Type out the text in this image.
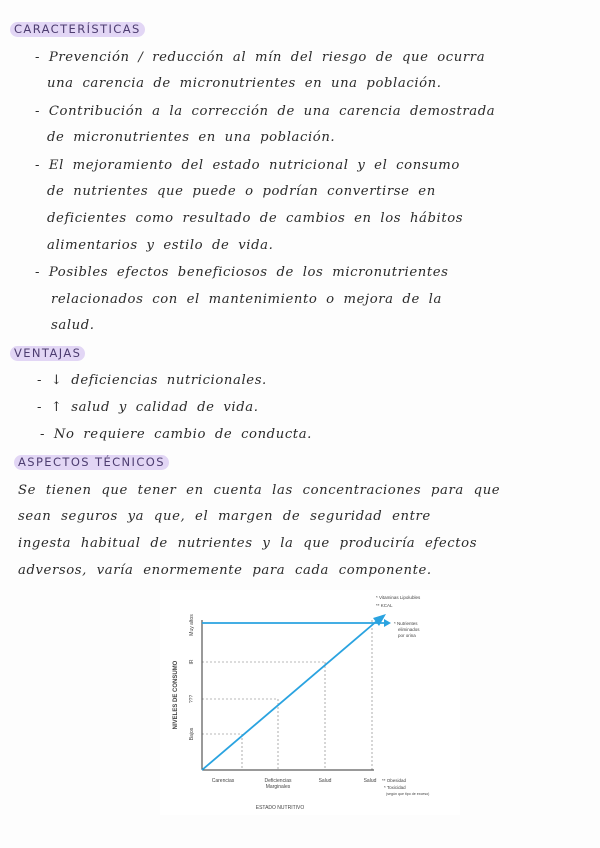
CARACTERÍSTICAS
- Prevención / reducción al mín del riesgo de que ocurra
una carencia de micronutrientes en una población.
- Contribución a la corrección de una carencia demostrada
de micronutrientes en una población.
- El mejoramiento del estado nutricional y el consumo
de nutrientes que puede o podrían convertirse en
deficientes como resultado de cambios en los hábitos
alimentarios y estilo de vida.
- Posibles efectos beneficiosos de los micronutrientes
relacionados con el mantenimiento o mejora de la
salud.
VENTAJAS
- ↓ deficiencias nutricionales.
- ↑ salud y calidad de vida.
- No requiere cambio de conducta.
ASPECTOS TÉCNICOS
Se tienen que tener en cuenta las concentraciones para que
sean seguros ya que, el margen de seguridad entre
ingesta habitual de nutrientes y la que produciría efectos
adversos, varía enormemente para cada componente.
NIVELES DE CONSUMO
Bajos
???
IR
Muy altos
Carencias	Deficiencias
Marginales
Salud	Salud
ESTADO NUTRITIVO
* Vitaminas Lipolubles
** KCAL
* Nutrientes
eliminados
por orina
** Obesidad
* Toxicidad
(según que tipo de exceso)
